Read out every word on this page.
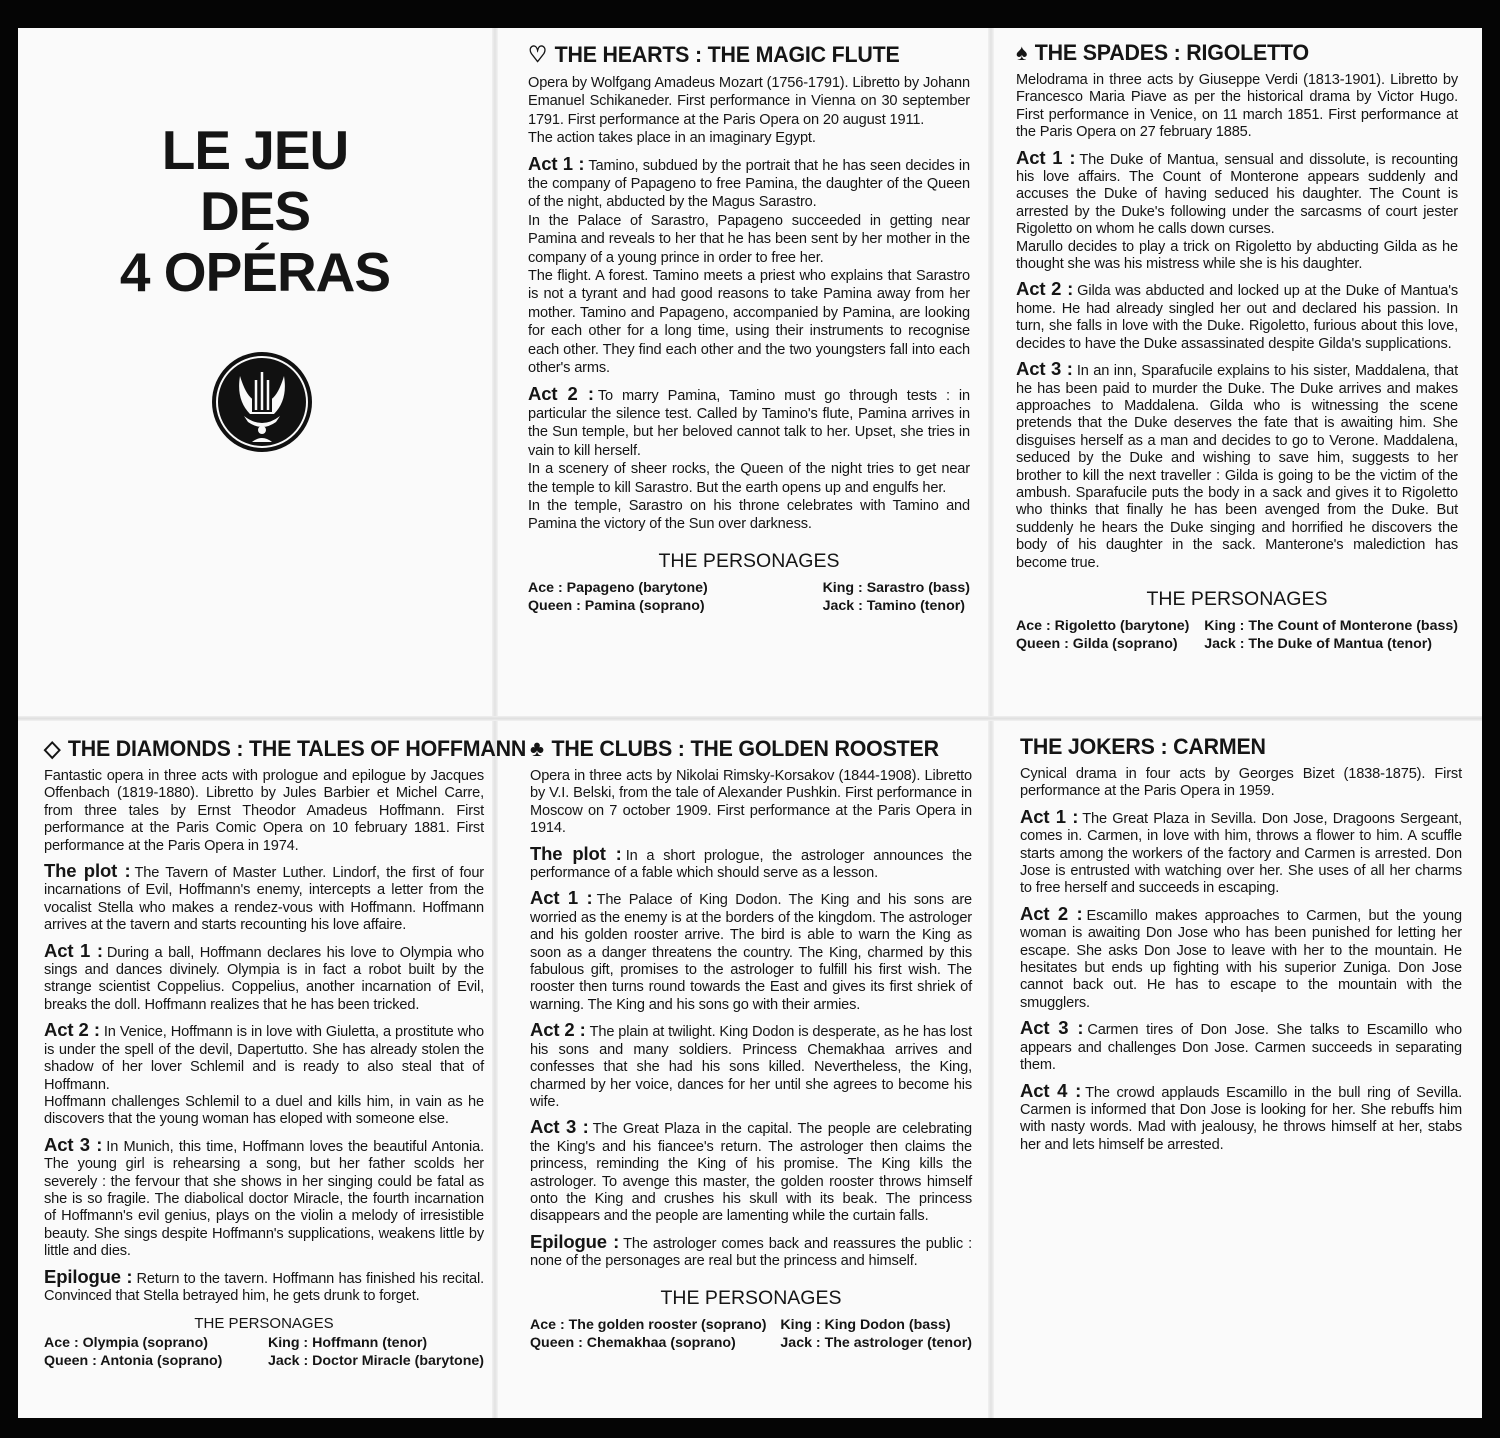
LE JEU
DES
4 OPÉRAS
♡ THE HEARTS : THE MAGIC FLUTE

Opera by Wolfgang Amadeus Mozart (1756-1791). Libretto by Johann Emanuel Schikaneder. First performance in Vienna on 30 september 1791. First performance at the Paris Opera on 20 august 1911.

The action takes place in an imaginary Egypt.

Act 1 : Tamino, subdued by the portrait that he has seen decides in the company of Papageno to free Pamina, the daughter of the Queen of the night, abducted by the Magus Sarastro.

In the Palace of Sarastro, Papageno succeeded in getting near Pamina and reveals to her that he has been sent by her mother in the company of a young prince in order to free her.

The flight. A forest. Tamino meets a priest who explains that Sarastro is not a tyrant and had good reasons to take Pamina away from her mother. Tamino and Papageno, accompanied by Pamina, are looking for each other for a long time, using their instruments to recognise each other. They find each other and the two youngsters fall into each other's arms.

Act 2 : To marry Pamina, Tamino must go through tests : in particular the silence test. Called by Tamino's flute, Pamina arrives in the Sun temple, but her beloved cannot talk to her. Upset, she tries in vain to kill herself.

In a scenery of sheer rocks, the Queen of the night tries to get near the temple to kill Sarastro. But the earth opens up and engulfs her.

In the temple, Sarastro on his throne celebrates with Tamino and Pamina the victory of the Sun over darkness.

THE PERSONAGES
Ace : Papageno (barytone)	King : Sarastro (bass)
Queen : Pamina (soprano)	Jack : Tamino (tenor)
♠ THE SPADES : RIGOLETTO

Melodrama in three acts by Giuseppe Verdi (1813-1901). Libretto by Francesco Maria Piave as per the historical drama by Victor Hugo. First performance in Venice, on 11 march 1851. First performance at the Paris Opera on 27 february 1885.

Act 1 : The Duke of Mantua, sensual and dissolute, is recounting his love affairs. The Count of Monterone appears suddenly and accuses the Duke of having seduced his daughter. The Count is arrested by the Duke's following under the sarcasms of court jester Rigoletto on whom he calls down curses.

Marullo decides to play a trick on Rigoletto by abducting Gilda as he thought she was his mistress while she is his daughter.

Act 2 : Gilda was abducted and locked up at the Duke of Mantua's home. He had already singled her out and declared his passion. In turn, she falls in love with the Duke. Rigoletto, furious about this love, decides to have the Duke assassinated despite Gilda's supplications.

Act 3 : In an inn, Sparafucile explains to his sister, Maddalena, that he has been paid to murder the Duke. The Duke arrives and makes approaches to Maddalena. Gilda who is witnessing the scene pretends that the Duke deserves the fate that is awaiting him. She disguises herself as a man and decides to go to Verone. Maddalena, seduced by the Duke and wishing to save him, suggests to her brother to kill the next traveller : Gilda is going to be the victim of the ambush. Sparafucile puts the body in a sack and gives it to Rigoletto who thinks that finally he has been avenged from the Duke. But suddenly he hears the Duke singing and horrified he discovers the body of his daughter in the sack. Manterone's malediction has become true.

THE PERSONAGES
Ace : Rigoletto (barytone)	King : The Count of Monterone (bass)
Queen : Gilda (soprano)	Jack : The Duke of Mantua (tenor)
◇ THE DIAMONDS : THE TALES OF HOFFMANN

Fantastic opera in three acts with prologue and epilogue by Jacques Offenbach (1819-1880). Libretto by Jules Barbier et Michel Carre, from three tales by Ernst Theodor Amadeus Hoffmann. First performance at the Paris Comic Opera on 10 february 1881. First performance at the Paris Opera in 1974.

The plot : The Tavern of Master Luther. Lindorf, the first of four incarnations of Evil, Hoffmann's enemy, intercepts a letter from the vocalist Stella who makes a rendez-vous with Hoffmann. Hoffmann arrives at the tavern and starts recounting his love affaire.

Act 1 : During a ball, Hoffmann declares his love to Olympia who sings and dances divinely. Olympia is in fact a robot built by the strange scientist Coppelius. Coppelius, another incarnation of Evil, breaks the doll. Hoffmann realizes that he has been tricked.

Act 2 : In Venice, Hoffmann is in love with Giuletta, a prostitute who is under the spell of the devil, Dapertutto. She has already stolen the shadow of her lover Schlemil and is ready to also steal that of Hoffmann.

Hoffmann challenges Schlemil to a duel and kills him, in vain as he discovers that the young woman has eloped with someone else.

Act 3 : In Munich, this time, Hoffmann loves the beautiful Antonia. The young girl is rehearsing a song, but her father scolds her severely : the fervour that she shows in her singing could be fatal as she is so fragile. The diabolical doctor Miracle, the fourth incarnation of Hoffmann's evil genius, plays on the violin a melody of irresistible beauty. She sings despite Hoffmann's supplications, weakens little by little and dies.

Epilogue : Return to the tavern. Hoffmann has finished his recital. Convinced that Stella betrayed him, he gets drunk to forget.

THE PERSONAGES
Ace : Olympia (soprano)	King : Hoffmann (tenor)
Queen : Antonia (soprano)	Jack : Doctor Miracle (barytone)
♣ THE CLUBS : THE GOLDEN ROOSTER

Opera in three acts by Nikolai Rimsky-Korsakov (1844-1908). Libretto by V.I. Belski, from the tale of Alexander Pushkin. First performance in Moscow on 7 october 1909. First performance at the Paris Opera in 1914.

The plot : In a short prologue, the astrologer announces the performance of a fable which should serve as a lesson.

Act 1 : The Palace of King Dodon. The King and his sons are worried as the enemy is at the borders of the kingdom. The astrologer and his golden rooster arrive. The bird is able to warn the King as soon as a danger threatens the country. The King, charmed by this fabulous gift, promises to the astrologer to fulfill his first wish. The rooster then turns round towards the East and gives its first shriek of warning. The King and his sons go with their armies.

Act 2 : The plain at twilight. King Dodon is desperate, as he has lost his sons and many soldiers. Princess Chemakhaa arrives and confesses that she had his sons killed. Nevertheless, the King, charmed by her voice, dances for her until she agrees to become his wife.

Act 3 : The Great Plaza in the capital. The people are celebrating the King's and his fiancee's return. The astrologer then claims the princess, reminding the King of his promise. The King kills the astrologer. To avenge this master, the golden rooster throws himself onto the King and crushes his skull with its beak. The princess disappears and the people are lamenting while the curtain falls.

Epilogue : The astrologer comes back and reassures the public : none of the personages are real but the princess and himself.

THE PERSONAGES
Ace : The golden rooster (soprano) King : King Dodon (bass)
Queen : Chemakhaa (soprano)	Jack : The astrologer (tenor)
THE JOKERS : CARMEN

Cynical drama in four acts by Georges Bizet (1838-1875). First performance at the Paris Opera in 1959.

Act 1 : The Great Plaza in Sevilla. Don Jose, Dragoons Sergeant, comes in. Carmen, in love with him, throws a flower to him. A scuffle starts among the workers of the factory and Carmen is arrested. Don Jose is entrusted with watching over her. She uses of all her charms to free herself and succeeds in escaping.

Act 2 : Escamillo makes approaches to Carmen, but the young woman is awaiting Don Jose who has been punished for letting her escape. She asks Don Jose to leave with her to the mountain. He hesitates but ends up fighting with his superior Zuniga. Don Jose cannot back out. He has to escape to the mountain with the smugglers.

Act 3 : Carmen tires of Don Jose. She talks to Escamillo who appears and challenges Don Jose. Carmen succeeds in separating them.

Act 4 : The crowd applauds Escamillo in the bull ring of Sevilla. Carmen is informed that Don Jose is looking for her. She rebuffs him with nasty words. Mad with jealousy, he throws himself at her, stabs her and lets himself be arrested.
